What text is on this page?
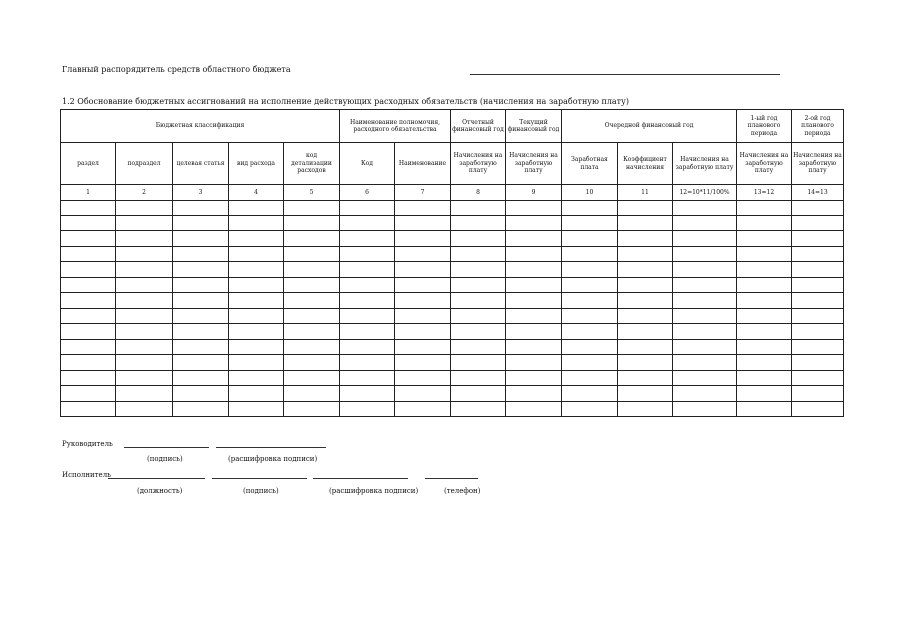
Главный распорядитель средств областного бюджета
1.2 Обоснование бюджетных ассигнований на исполнение действующих расходных обязательств (начисления на заработную плату)
Бюджетная классификация					Наименование полномочия, расходного обязательства		Отчетный финансовый год	Текущий финансовый год	Очередной финансовый год			1-ый год планового периода	2-ой год планового периода
раздел	подраздел	целевая статья	вид расхода	код детализации расходов	Код	Наименование	Начисления на заработную плату	Начисления на заработную плату	Заработная плата	Коэффициент начисления	Начисления на заработную плату	Начисления на заработную плату	Начисления на заработную плату
1	2	3	4	5	6	7	8	9	10	11	12=10*11/100%	13=12	14=13

Руководитель
(подпись)	(расшифровка подписи)
Исполнитель
(должность)	(подпись)	(расшифровка подписи)	(телефон)
